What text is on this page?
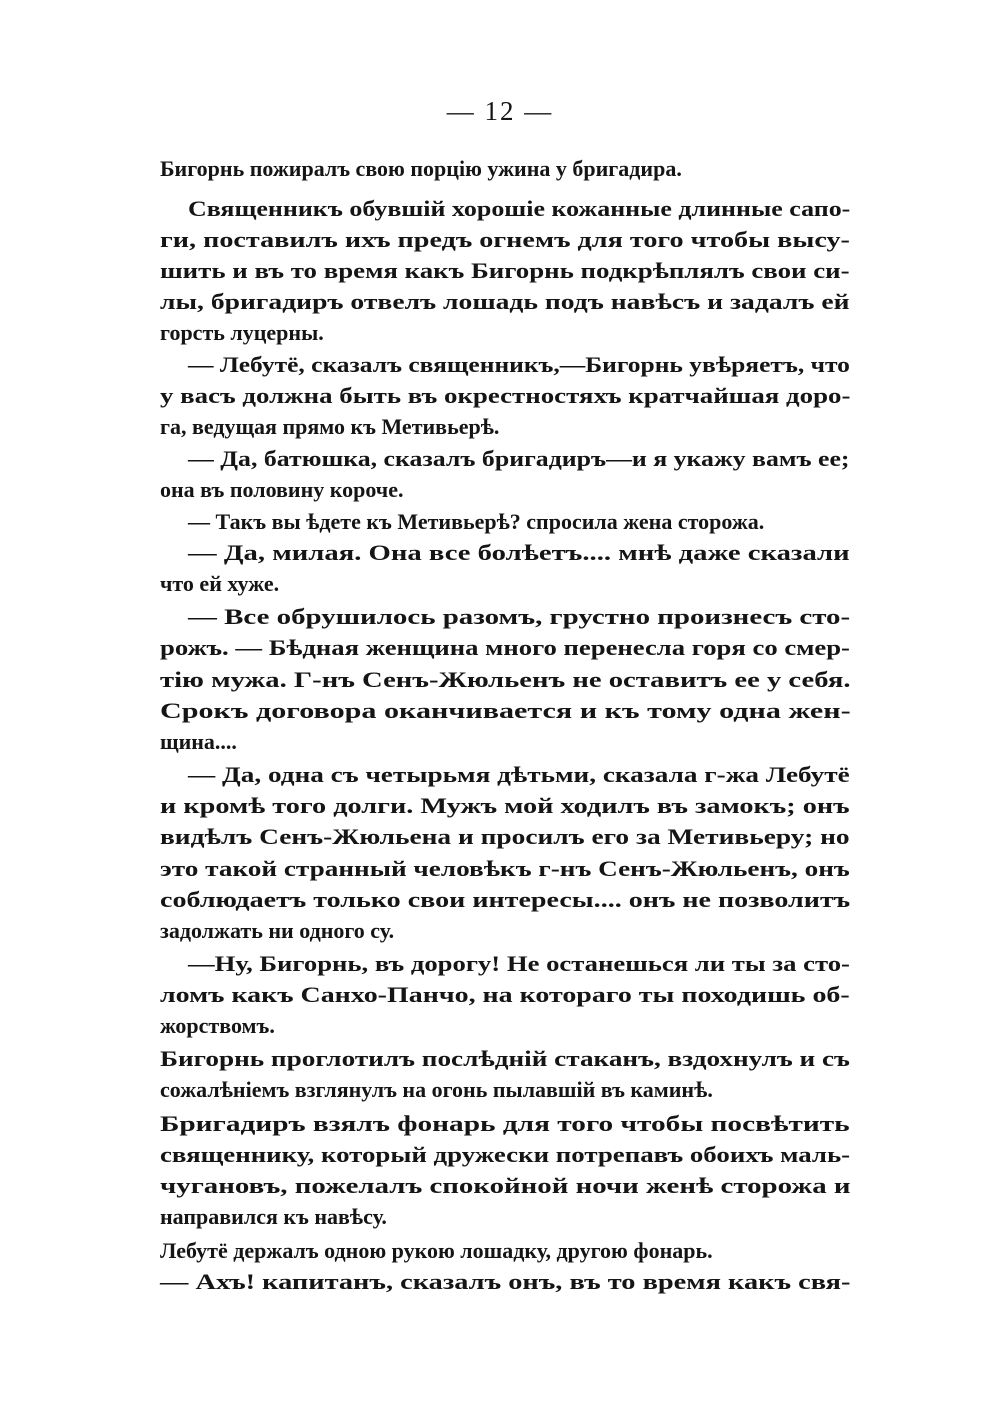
— 12 —
Бигорнь пожиралъ свою порцію ужина у бригадира.
Священникъ обувшій хорошіе кожанные длинные сапо-
ги, поставилъ ихъ предъ огнемъ для того чтобы высу-
шить и въ то время какъ Бигорнь подкрѣплялъ свои си-
лы, бригадиръ отвелъ лошадь подъ навѣсъ и задалъ ей
горсть луцерны.
— Лебутё, сказалъ священникъ,—Бигорнь увѣряетъ, что
у васъ должна быть въ окрестностяхъ кратчайшая доро-
га, ведущая прямо къ Метивьерѣ.
— Да, батюшка, сказалъ бригадиръ—и я укажу вамъ ее;
она въ половину короче.
— Такъ вы ѣдете къ Метивьерѣ? спросила жена сторожа.
— Да, милая. Она все болѣетъ.... мнѣ даже сказали
что ей хуже.
— Все обрушилось разомъ, грустно произнесъ сто-
рожъ. — Бѣдная женщина много перенесла горя со смер-
тію мужа. Г-нъ Сенъ-Жюльенъ не оставитъ ее у себя.
Срокъ договора оканчивается и къ тому одна жен-
щина....
— Да, одна съ четырьмя дѣтьми, сказала г-жа Лебутё
и кромѣ того долги. Мужъ мой ходилъ въ замокъ; онъ
видѣлъ Сенъ-Жюльена и просилъ его за Метивьеру; но
это такой странный человѣкъ г-нъ Сенъ-Жюльенъ, онъ
соблюдаетъ только свои интересы.... онъ не позволитъ
задолжать ни одного су.
—Ну, Бигорнь, въ дорогу! Не останешься ли ты за сто-
ломъ какъ Санхо-Панчо, на котораго ты походишь об-
жорствомъ.
Бигорнь проглотилъ послѣдній стаканъ, вздохнулъ и съ
сожалѣніемъ взглянулъ на огонь пылавшій въ каминѣ.
Бригадиръ взялъ фонарь для того чтобы посвѣтить
священнику, который дружески потрепавъ обоихъ маль-
чугановъ, пожелалъ спокойной ночи женѣ сторожа и
направился къ навѣсу.
Лебутё держалъ одною рукою лошадку, другою фонарь.
— Ахъ! капитанъ, сказалъ онъ, въ то время какъ свя-
